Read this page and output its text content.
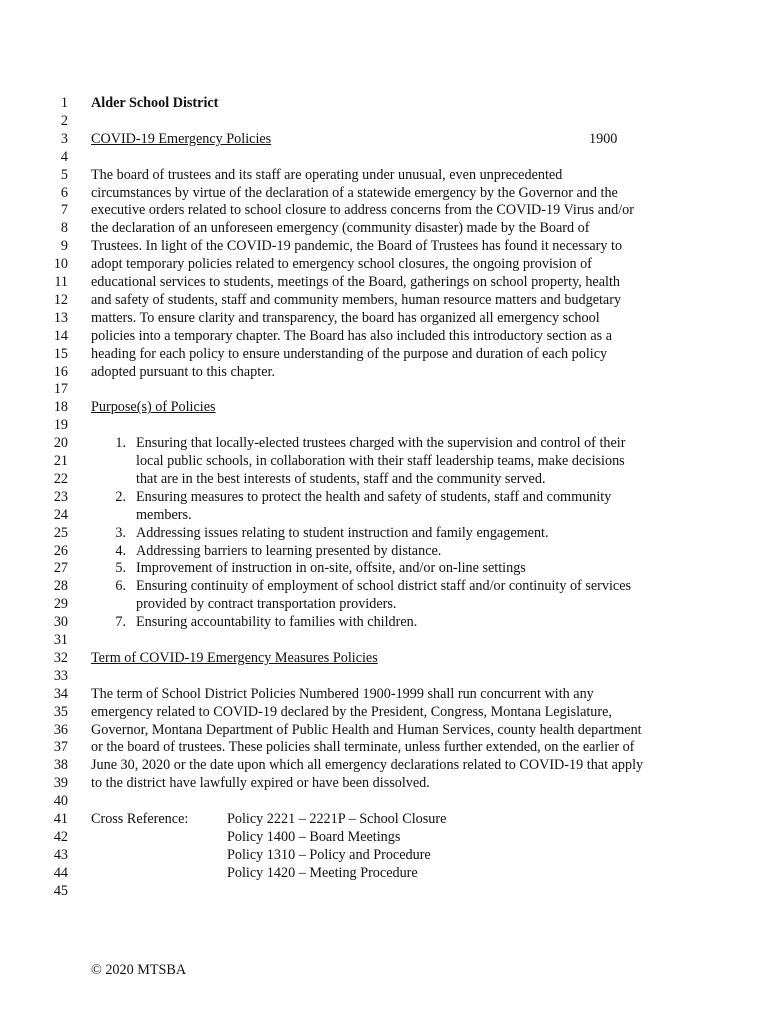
1 Alder School District
2
3 COVID-19 Emergency Policies	1900
4
5 The board of trustees and its staff are operating under unusual, even unprecedented
6 circumstances by virtue of the declaration of a statewide emergency by the Governor and the
7 executive orders related to school closure to address concerns from the COVID-19 Virus and/or
8 the declaration of an unforeseen emergency (community disaster) made by the Board of
9 Trustees. In light of the COVID-19 pandemic, the Board of Trustees has found it necessary to
10 adopt temporary policies related to emergency school closures, the ongoing provision of
11 educational services to students, meetings of the Board, gatherings on school property, health
12 and safety of students, staff and community members, human resource matters and budgetary
13 matters. To ensure clarity and transparency, the board has organized all emergency school
14 policies into a temporary chapter. The Board has also included this introductory section as a
15 heading for each policy to ensure understanding of the purpose and duration of each policy
16 adopted pursuant to this chapter.
17
18 Purpose(s) of Policies
19
20	1. Ensuring that locally-elected trustees charged with the supervision and control of their
21	local public schools, in collaboration with their staff leadership teams, make decisions
22	that are in the best interests of students, staff and the community served.
23	2. Ensuring measures to protect the health and safety of students, staff and community
24	members.
25	3. Addressing issues relating to student instruction and family engagement.
26	4. Addressing barriers to learning presented by distance.
27	5. Improvement of instruction in on-site, offsite, and/or on-line settings
28	6. Ensuring continuity of employment of school district staff and/or continuity of services
29	provided by contract transportation providers.
30	7. Ensuring accountability to families with children.
31
32 Term of COVID-19 Emergency Measures Policies
33
34 The term of School District Policies Numbered 1900-1999 shall run concurrent with any
35 emergency related to COVID-19 declared by the President, Congress, Montana Legislature,
36 Governor, Montana Department of Public Health and Human Services, county health department
37 or the board of trustees. These policies shall terminate, unless further extended, on the earlier of
38 June 30, 2020 or the date upon which all emergency declarations related to COVID-19 that apply
39 to the district have lawfully expired or have been dissolved.
40
41 Cross Reference:	Policy 2221 – 2221P – School Closure
42	Policy 1400 – Board Meetings
43	Policy 1310 – Policy and Procedure
44	Policy 1420 – Meeting Procedure
45
© 2020 MTSBA
